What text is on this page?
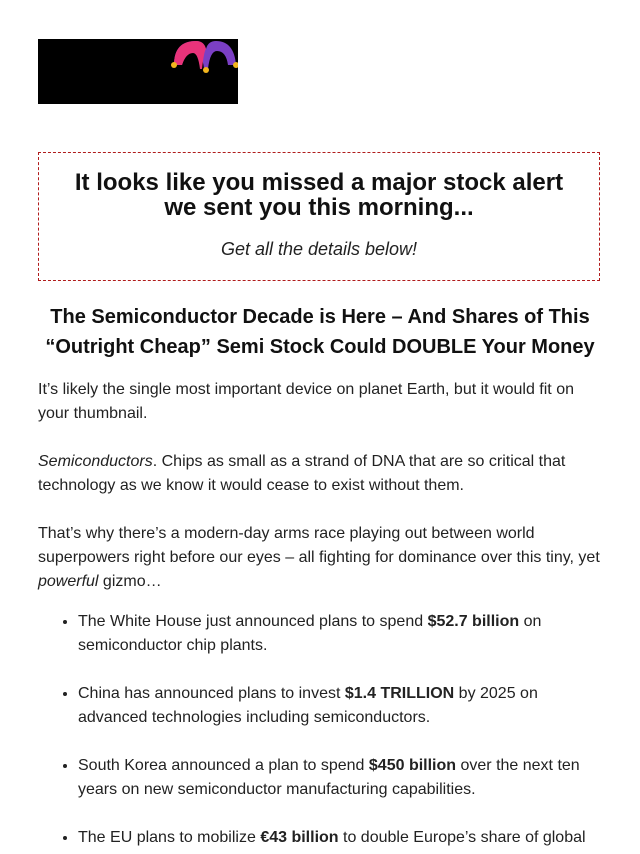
It looks like you missed a major stock alert we sent you this morning...
Get all the details below!
The Semiconductor Decade is Here – And Shares of This “Outright Cheap” Semi Stock Could DOUBLE Your Money

It’s likely the single most important device on planet Earth, but it would fit on your thumbnail.

Semiconductors. Chips as small as a strand of DNA that are so critical that technology as we know it would cease to exist without them.

That’s why there’s a modern-day arms race playing out between world superpowers right before our eyes – all fighting for dominance over this tiny, yet powerful gizmo…

• The White House just announced plans to spend $52.7 billion on semiconductor chip plants.
• China has announced plans to invest $1.4 TRILLION by 2025 on advanced technologies including semiconductors.
• South Korea announced a plan to spend $450 billion over the next ten years on new semiconductor manufacturing capabilities.
• The EU plans to mobilize €43 billion to double Europe’s share of global
